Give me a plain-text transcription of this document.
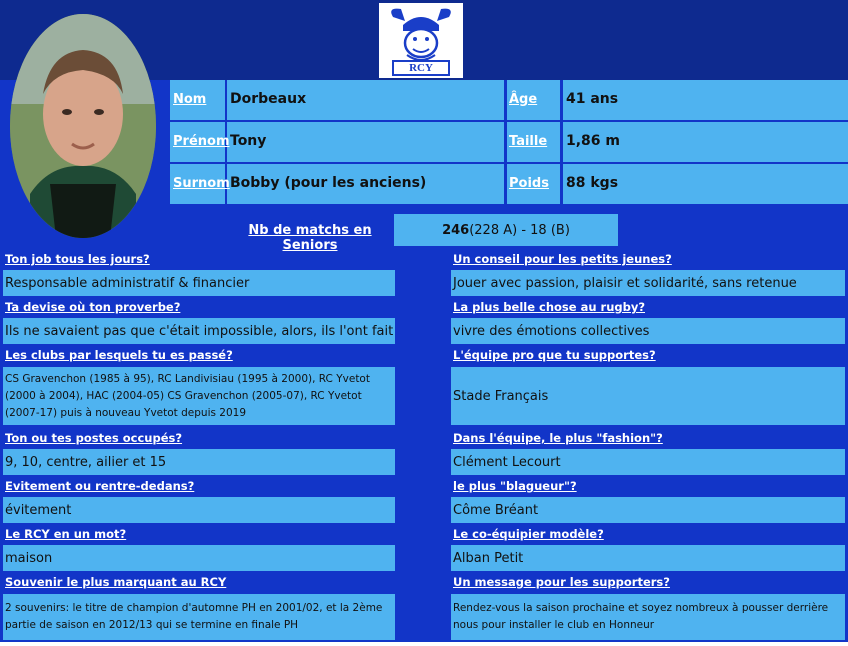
RCY
Nom Dorbeaux
Prénom Tony
Surnom Bobby (pour les anciens)
Âge 41 ans
Taille 1,86 m
Poids 88 kgs
Nb de matchs en Seniors
246 (228 A) - 18 (B)
Ton job tous les jours?
Responsable administratif & financier
Ta devise où ton proverbe?
Ils ne savaient pas que c'était impossible, alors, ils l'ont fait
Les clubs par lesquels tu es passé?
CS Gravenchon (1985 à 95), RC Landivisiau (1995 à 2000), RC Yvetot (2000 à 2004), HAC (2004-05) CS Gravenchon (2005-07), RC Yvetot (2007-17) puis à nouveau Yvetot depuis 2019
Ton ou tes postes occupés?
9, 10, centre, ailier et 15
Evitement ou rentre-dedans?
évitement
Le RCY en un mot?
maison
Souvenir le plus marquant au RCY
2 souvenirs: le titre de champion d'automne PH en 2001/02, et la 2ème partie de saison en 2012/13 qui se termine en finale PH
Un conseil pour les petits jeunes?
Jouer avec passion, plaisir et solidarité, sans retenue
La plus belle chose au rugby?
vivre des émotions collectives
L'équipe pro que tu supportes?
Stade Français
Dans l'équipe, le plus "fashion"?
Clément Lecourt
le plus "blagueur"?
Côme Bréant
Le co-équipier modèle?
Alban Petit
Un message pour les supporters?
Rendez-vous la saison prochaine et soyez nombreux à pousser derrière nous pour installer le club en Honneur
